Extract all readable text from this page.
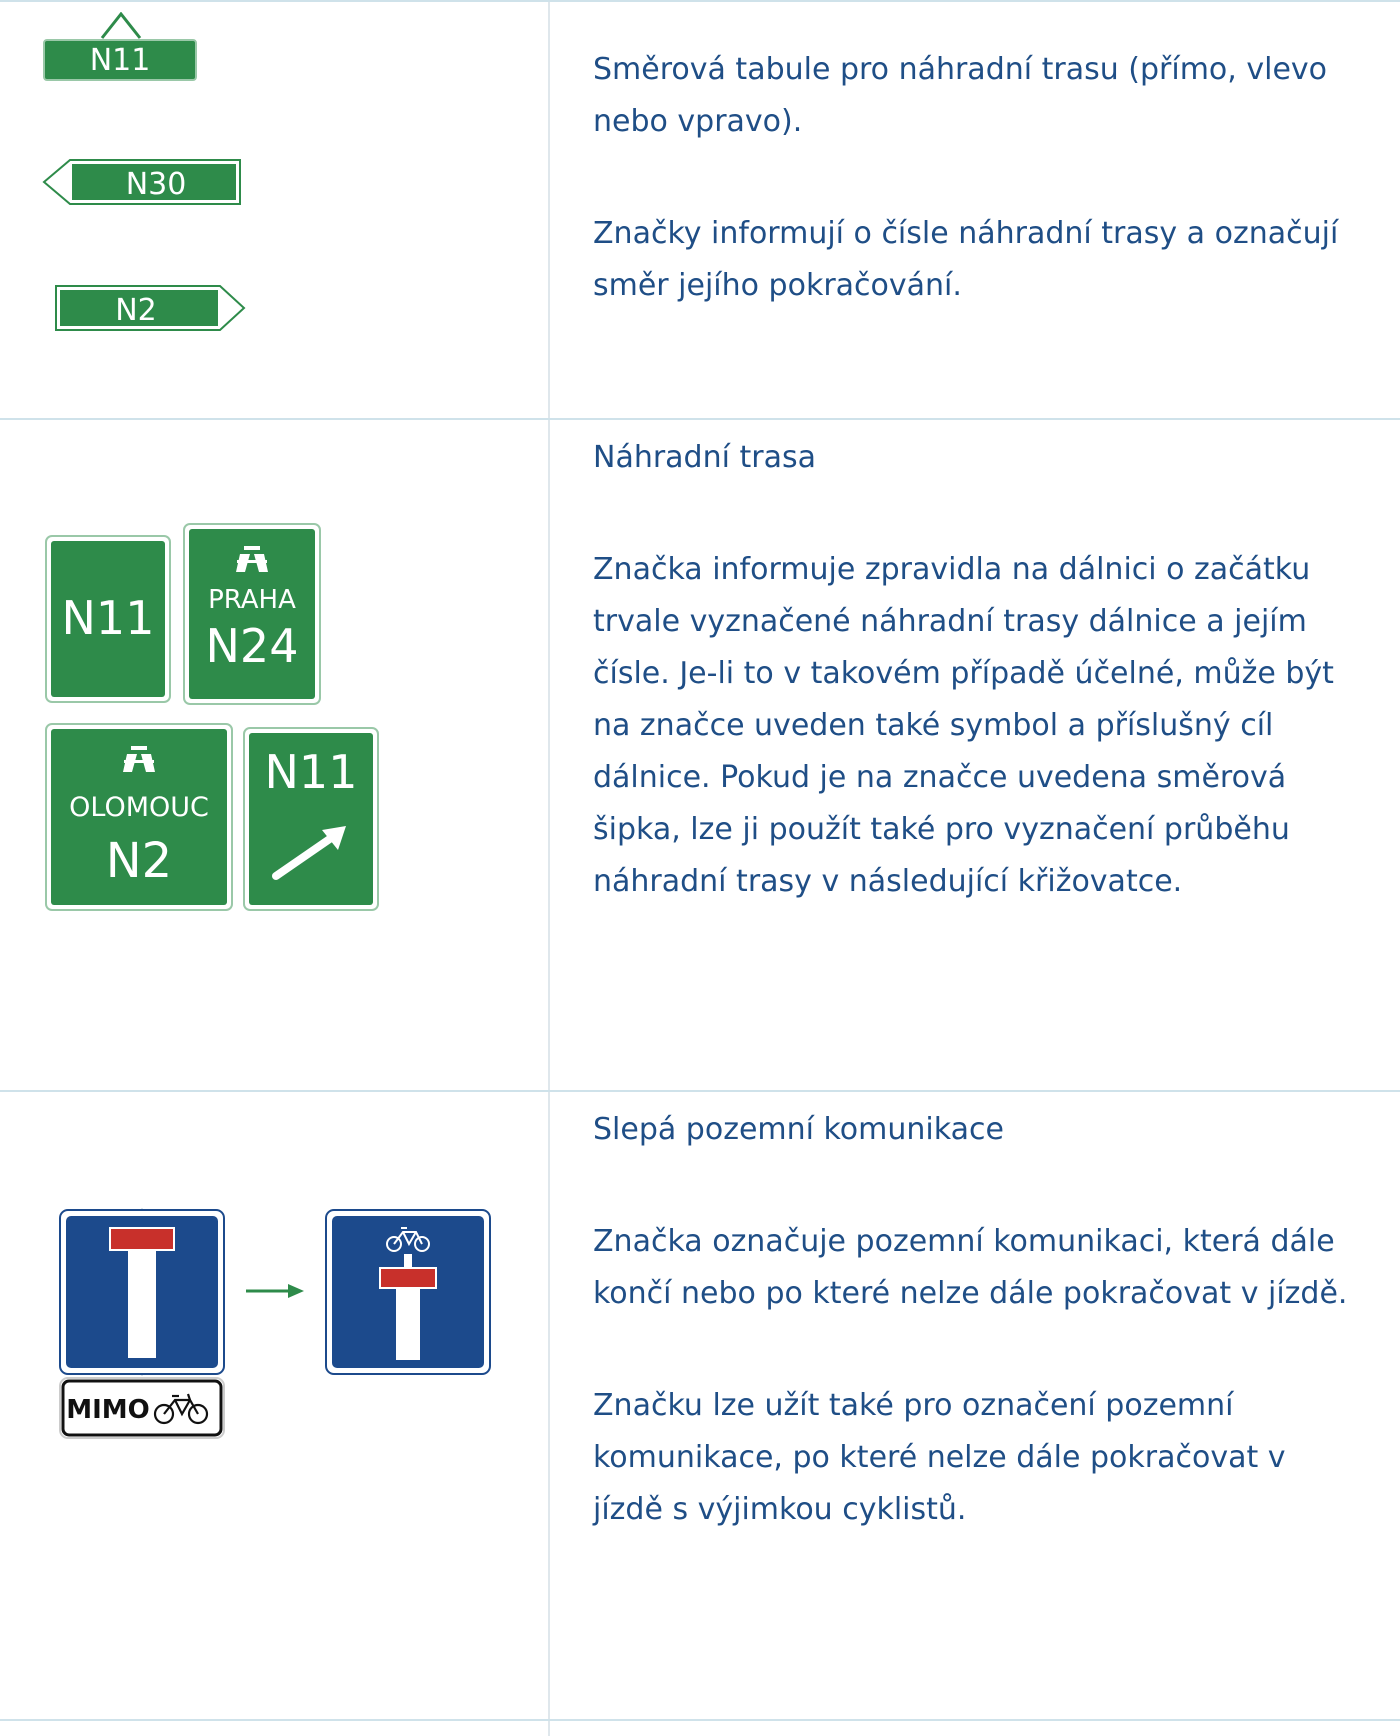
N11
N30
N2

Směrová tabule pro náhradní trasu (přímo, vlevo nebo vpravo).

Značky informují o čísle náhradní trasy a označují směr jejího pokračování.

N11 PRAHA
N24
OLOMOUC
N2
N11

Náhradní trasa

Značka informuje zpravidla na dálnici o začátku trvale vyznačené náhradní trasy dálnice a jejím čísle. Je-li to v takovém případě účelné, může být na značce uveden také symbol a příslušný cíl dálnice. Pokud je na značce uvedena směrová šipka, lze ji použít také pro vyznačení průběhu náhradní trasy v následující křižovatce.

MIMO

Slepá pozemní komunikace

Značka označuje pozemní komunikaci, která dále končí nebo po které nelze dále pokračovat v jízdě.

Značku lze užít také pro označení pozemní komunikace, po které nelze dále pokračovat v jízdě s výjimkou cyklistů.
